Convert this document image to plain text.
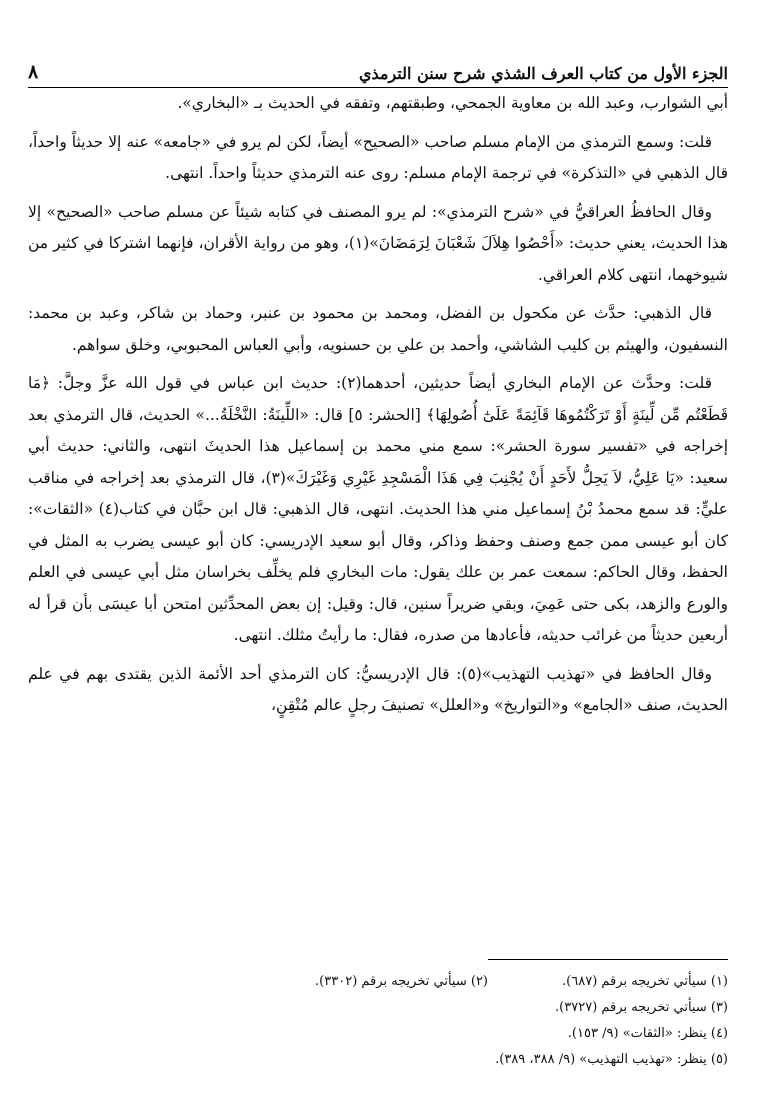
الجزء الأول من كتاب العرف الشذي شرح سنن الترمذي
٨

أبي الشوارب، وعبد الله بن معاوية الجمحي، وطبقتهم، وتفقه في الحديث بـ «البخاري».

قلت: وسمع الترمذي من الإمام مسلم صاحب «الصحيح» أيضاً، لكن لم يرو في «جامعه» عنه إلا حديثاً واحداً، قال الذهبي في «التذكرة» في ترجمة الإمام مسلم: روى عنه الترمذي حديثاً واحداً. انتهى.

وقال الحافظُ العراقيُّ في «شرح الترمذي»: لم يرو المصنف في كتابه شيئاً عن مسلم صاحب «الصحيح» إلا هذا الحديث، يعني حديث: «أَحْصُوا هِلاَلَ شَعْبَانَ لِرَمَضَانَ»(١)، وهو من رواية الأقران، فإنهما اشتركا في كثير من شيوخهما، انتهى كلام العراقي.

قال الذهبي: حدَّث عن مكحول بن الفضل، ومحمد بن محمود بن عنبر، وحماد بن شاكر، وعبد بن محمد: النسفيون، والهيثم بن كليب الشاشي، وأحمد بن علي بن حسنويه، وأبي العباس المحبوبي، وخلق سواهم.

قلت: وحدَّث عن الإمام البخاري أيضاً حديثين، أحدهما(٢): حديث ابن عباس في قول الله عزَّ وجلَّ: ﴿مَا قَطَعْتُم مِّن لِّينَةٍ أَوْ تَرَكْتُمُوهَا قَآئِمَةً عَلَىٰٓ أُصُولِهَا﴾ [الحشر: ٥] قال: «اللِّينَةُ: النَّخْلَةُ...» الحديث، قال الترمذي بعد إخراجه في «تفسير سورة الحشر»: سمع مني محمد بن إسماعيل هذا الحديثَ انتهى، والثاني: حديث أبي سعيد: «يَا عَلِيُّ، لاَ يَحِلُّ لأَحَدٍ أَنْ يُجْنِبَ فِي هَذَا الْمَسْجِدِ غَيْرِي وَغَيْرَكَ»(٣)، قال الترمذي بعد إخراجه في مناقب عليٍّ: قد سمع محمدُ بْنُ إسماعيل مني هذا الحديث. انتهى، قال الذهبي: قال ابن حبَّان في كتاب(٤) «الثقات»: كان أبو عيسى ممن جمع وصنف وحفظ وذاكر، وقال أبو سعيد الإدريسي: كان أبو عيسى يضرب به المثل في الحفظ، وقال الحاكم: سمعت عمر بن علك يقول: مات البخاري فلم يخلِّف بخراسان مثل أبي عيسى في العلم والورع والزهد، بكى حتى عَمِيَ، وبقي ضريراً سنين، قال: وقيل: إن بعض المحدِّثين امتحن أبا عيسَى بأن قرأ له أربعين حديثاً من غرائب حديثه، فأعادها من صدره، فقال: ما رأيتُ مثلك. انتهى.

وقال الحافظ في «تهذيب التهذيب»(٥): قال الإدريسيُّ: كان الترمذي أحد الأئمة الذين يقتدى بهم في علم الحديث، صنف «الجامع» و«التواريخ» و«العلل» تصنيفَ رجلٍ عالم مُتْقِنٍ،

(١) سيأتي تخريجه برقم (٦٨٧).
(٢) سيأتي تخريجه برقم (٣٣٠٢).
(٣) سيأتي تخريجه برقم (٣٧٢٧).
(٤) ينظر: «الثقات» (٩/ ١٥٣).
(٥) ينظر: «تهذيب التهذيب» (٩/ ٣٨٨، ٣٨٩).
